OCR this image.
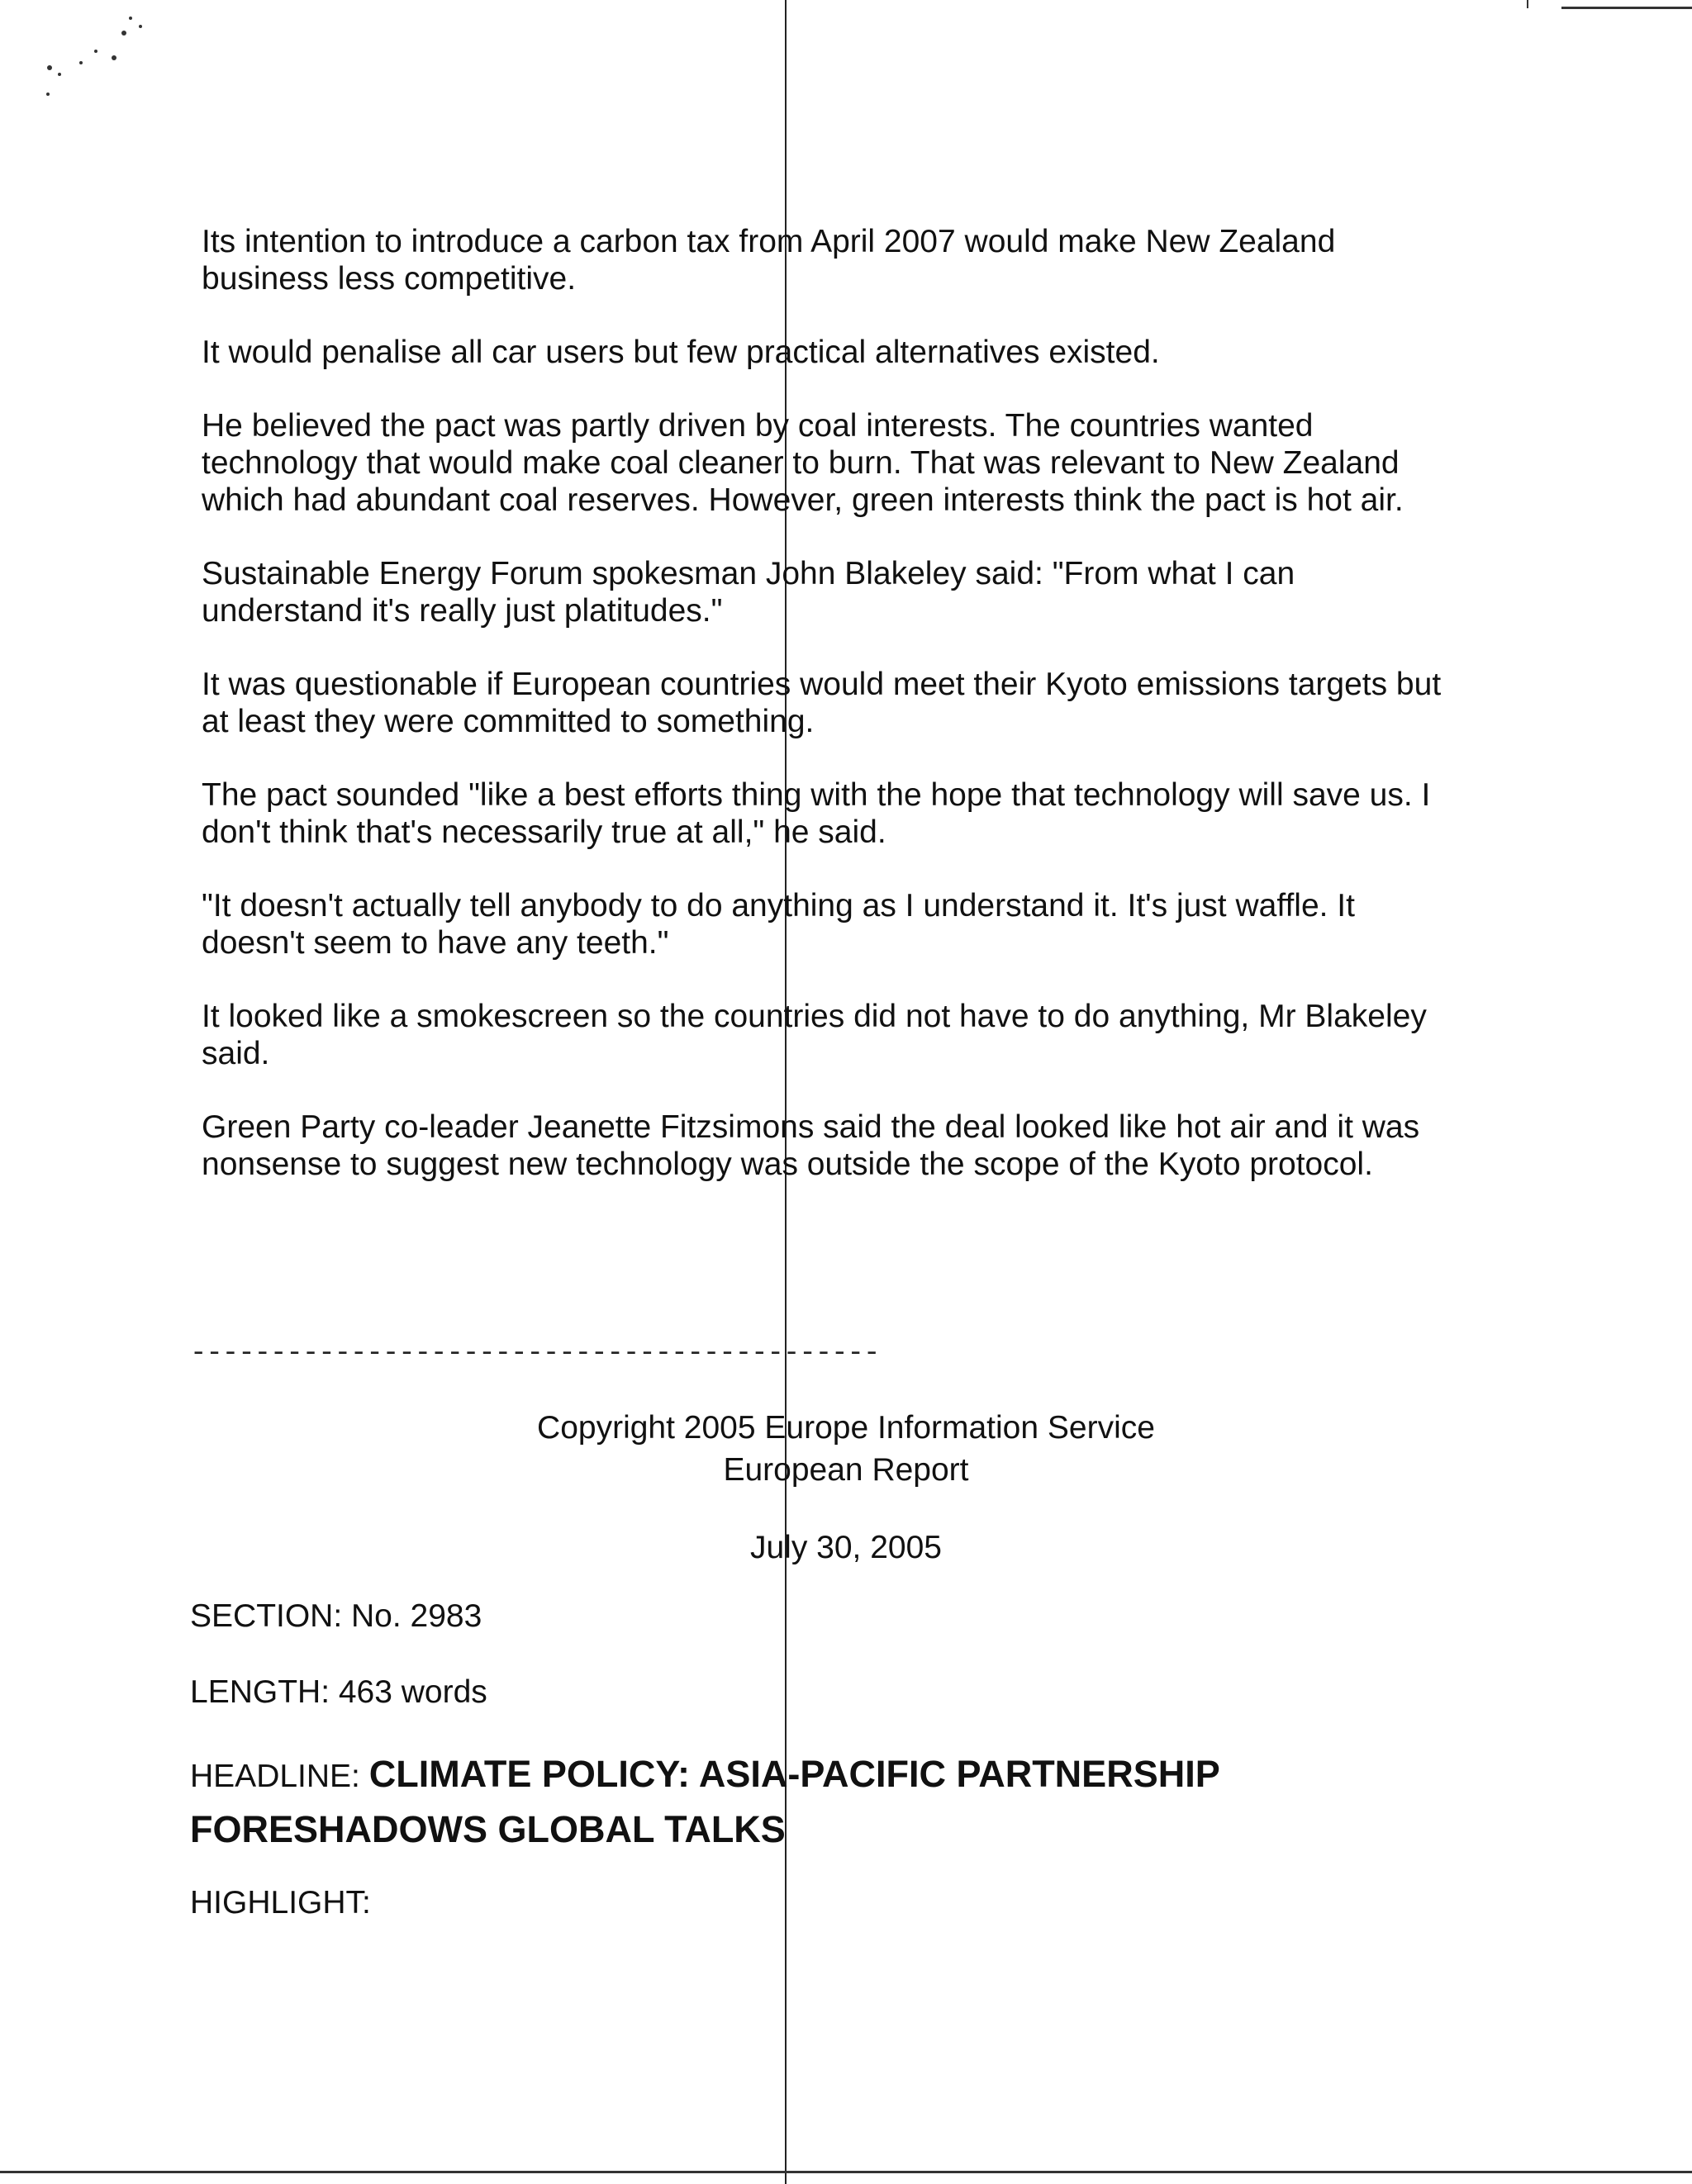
Its intention to introduce a carbon tax from April 2007 would make New Zealand business less competitive.

It would penalise all car users but few practical alternatives existed.

He believed the pact was partly driven by coal interests. The countries wanted technology that would make coal cleaner to burn. That was relevant to New Zealand which had abundant coal reserves. However, green interests think the pact is hot air.

Sustainable Energy Forum spokesman John Blakeley said: "From what I can understand it's really just platitudes."

It was questionable if European countries would meet their Kyoto emissions targets but at least they were committed to something.

The pact sounded "like a best efforts thing with the hope that technology will save us. I don't think that's necessarily true at all," he said.

"It doesn't actually tell anybody to do anything as I understand it. It's just waffle. It doesn't seem to have any teeth."

It looked like a smokescreen so the countries did not have to do anything, Mr Blakeley said.

Green Party co-leader Jeanette Fitzsimons said the deal looked like hot air and it was nonsense to suggest new technology was outside the scope of the Kyoto protocol.

-------------------------------------------
Copyright 2005 Europe Information Service
European Report
July 30, 2005
SECTION: No. 2983
LENGTH: 463 words
HEADLINE: CLIMATE POLICY: ASIA-PACIFIC PARTNERSHIP FORESHADOWS GLOBAL TALKS
HIGHLIGHT:
